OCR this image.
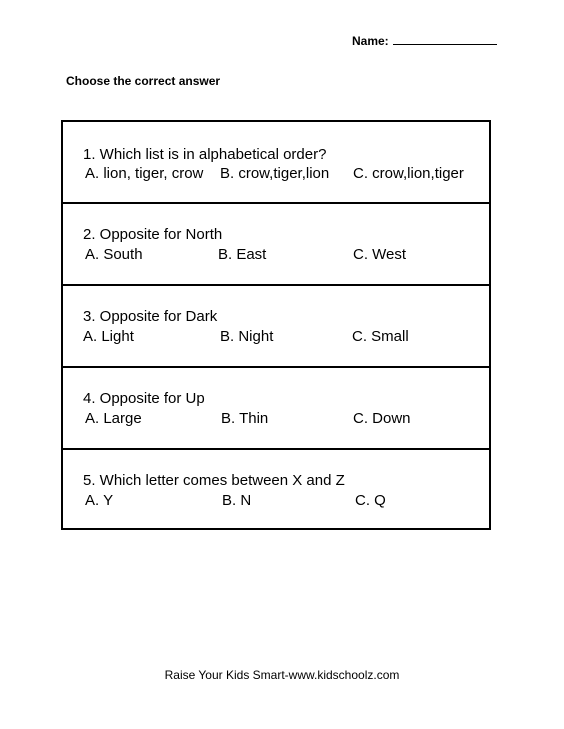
Name:
Choose the correct answer
1. Which list is in alphabetical order?
A. lion, tiger, crow B. crow,tiger,lion C. crow,lion,tiger
2. Opposite for North
A. South	B. East	C. West
3. Opposite for Dark
A. Light	B. Night	C. Small
4. Opposite for Up
A. Large	B. Thin	C. Down
5. Which letter comes between X and Z
A. Y	B. N	C. Q
Raise Your Kids Smart-www.kidschoolz.com
